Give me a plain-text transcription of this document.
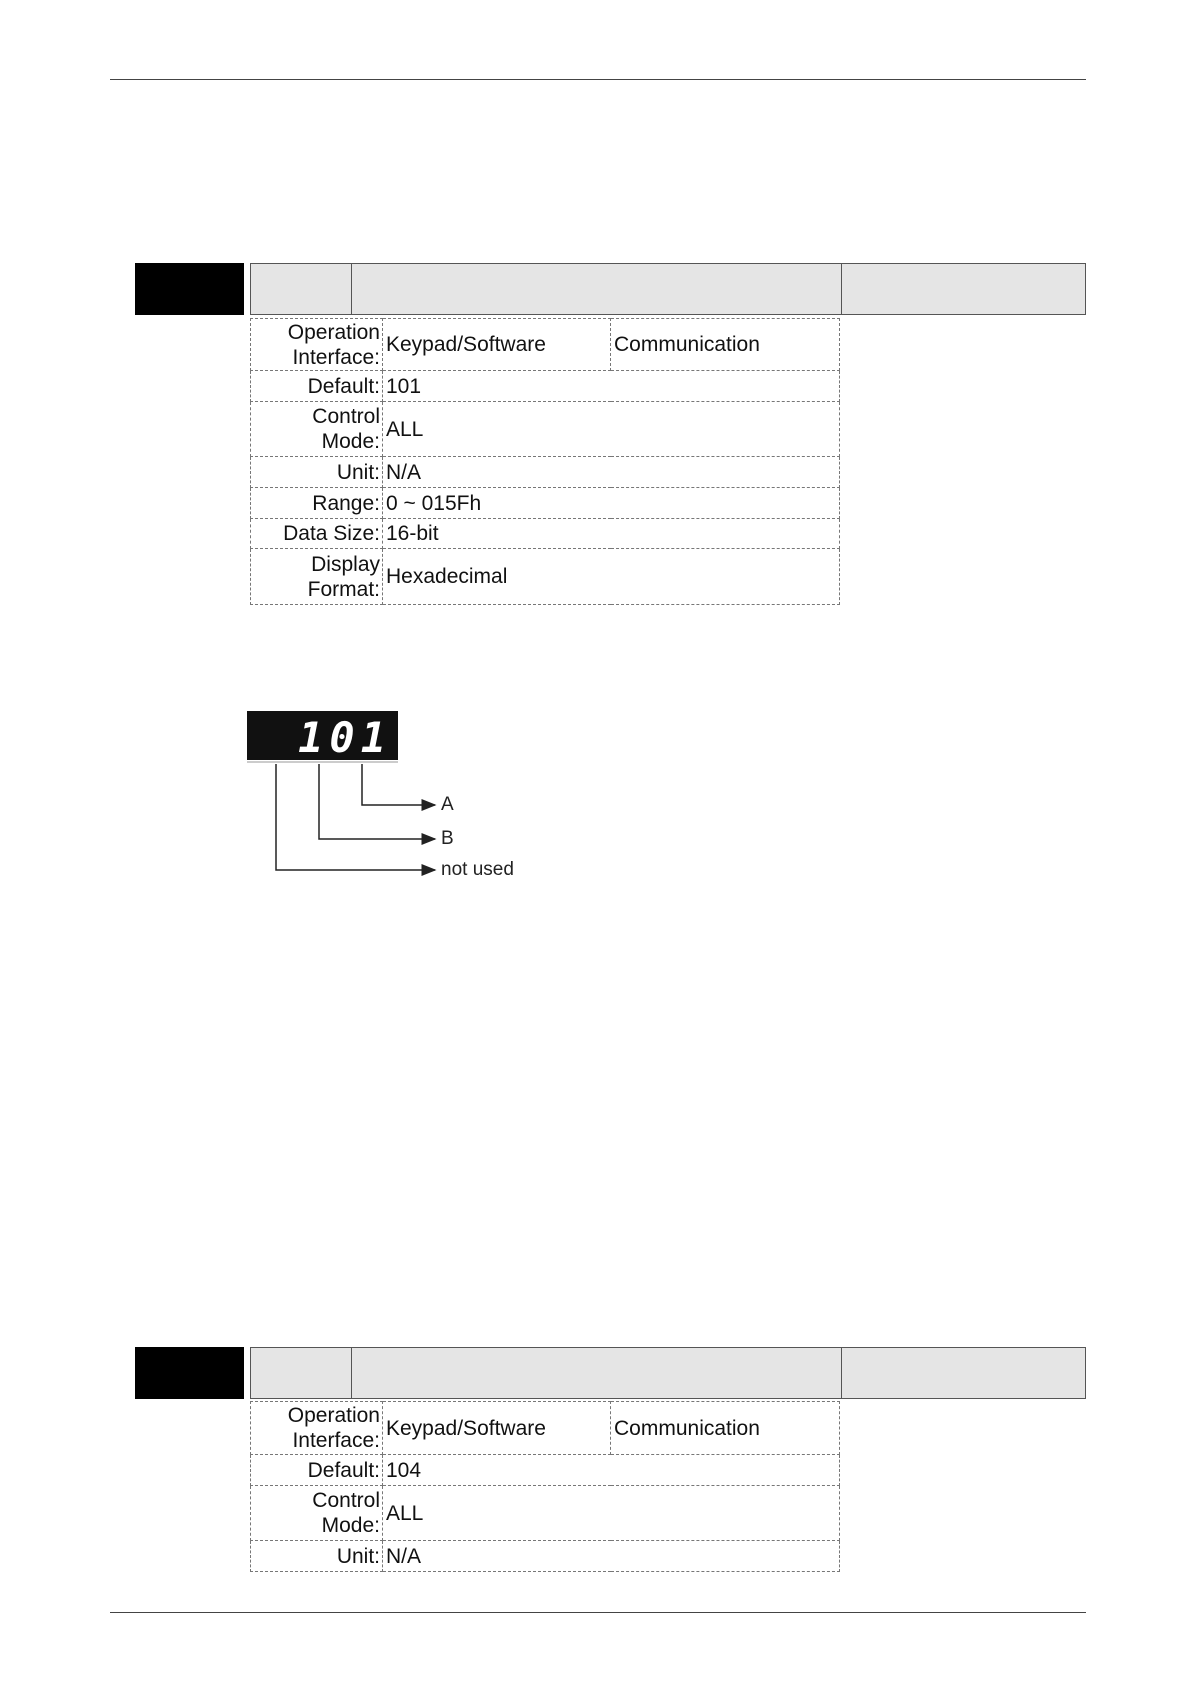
Operation
Interface:	Keypad/Software	Communication
Default:	101	

Control
Mode:	ALL	
Unit:	N/A	
Range:	0 ~ 015Fh	
Data Size:	16-bit	

Display
Format:	Hexadecimal	
101
A
B
not used
Operation
Interface:	Keypad/Software	Communication
Default:	104	

Control
Mode:	ALL	
Unit:	N/A	
